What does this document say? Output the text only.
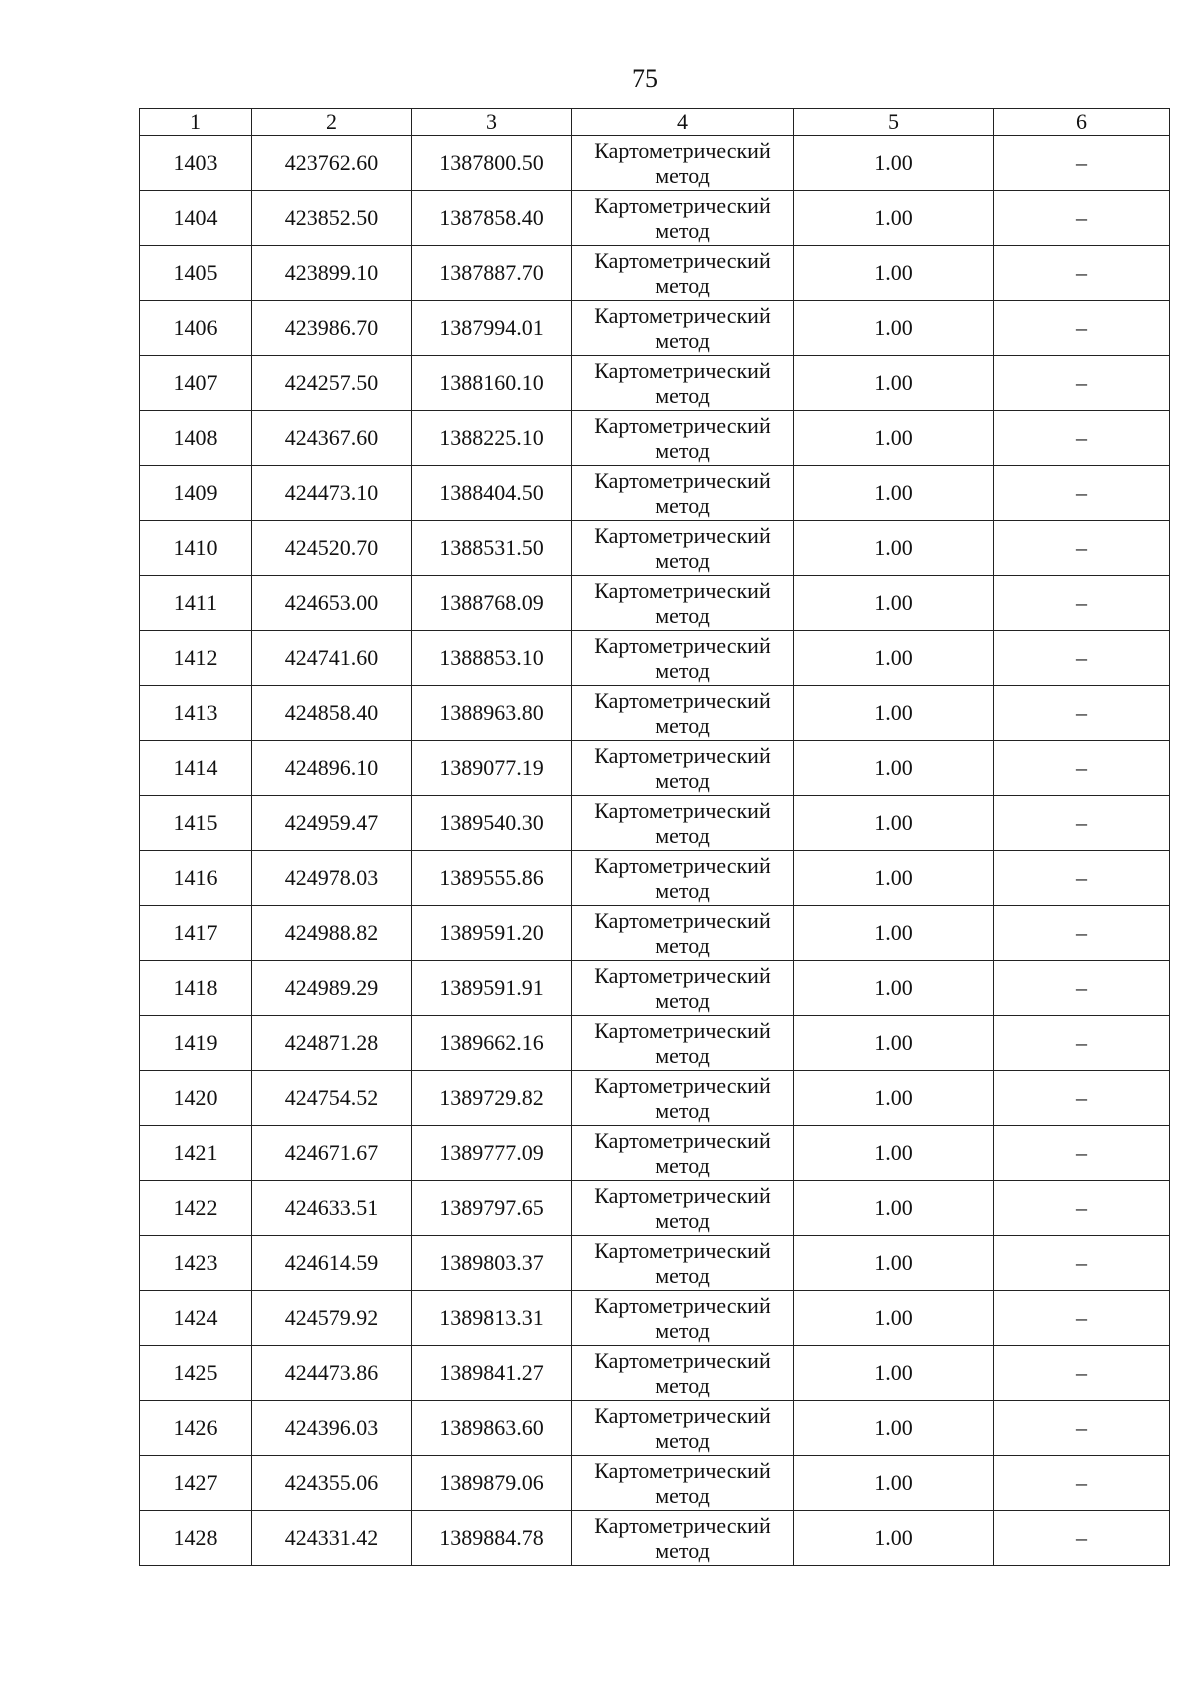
75
1	2	3	4	5	6
1403	423762.60	1387800.50	Картометрический
метод	1.00	–
1404	423852.50	1387858.40	Картометрический
метод	1.00	–
1405	423899.10	1387887.70	Картометрический
метод	1.00	–
1406	423986.70	1387994.01	Картометрический
метод	1.00	–
1407	424257.50	1388160.10	Картометрический
метод	1.00	–
1408	424367.60	1388225.10	Картометрический
метод	1.00	–
1409	424473.10	1388404.50	Картометрический
метод	1.00	–
1410	424520.70	1388531.50	Картометрический
метод	1.00	–
1411	424653.00	1388768.09	Картометрический
метод	1.00	–
1412	424741.60	1388853.10	Картометрический
метод	1.00	–
1413	424858.40	1388963.80	Картометрический
метод	1.00	–
1414	424896.10	1389077.19	Картометрический
метод	1.00	–
1415	424959.47	1389540.30	Картометрический
метод	1.00	–
1416	424978.03	1389555.86	Картометрический
метод	1.00	–
1417	424988.82	1389591.20	Картометрический
метод	1.00	–
1418	424989.29	1389591.91	Картометрический
метод	1.00	–
1419	424871.28	1389662.16	Картометрический
метод	1.00	–
1420	424754.52	1389729.82	Картометрический
метод	1.00	–
1421	424671.67	1389777.09	Картометрический
метод	1.00	–
1422	424633.51	1389797.65	Картометрический
метод	1.00	–
1423	424614.59	1389803.37	Картометрический
метод	1.00	–
1424	424579.92	1389813.31	Картометрический
метод	1.00	–
1425	424473.86	1389841.27	Картометрический
метод	1.00	–
1426	424396.03	1389863.60	Картометрический
метод	1.00	–
1427	424355.06	1389879.06	Картометрический
метод	1.00	–
1428	424331.42	1389884.78	Картометрический
метод	1.00	–
